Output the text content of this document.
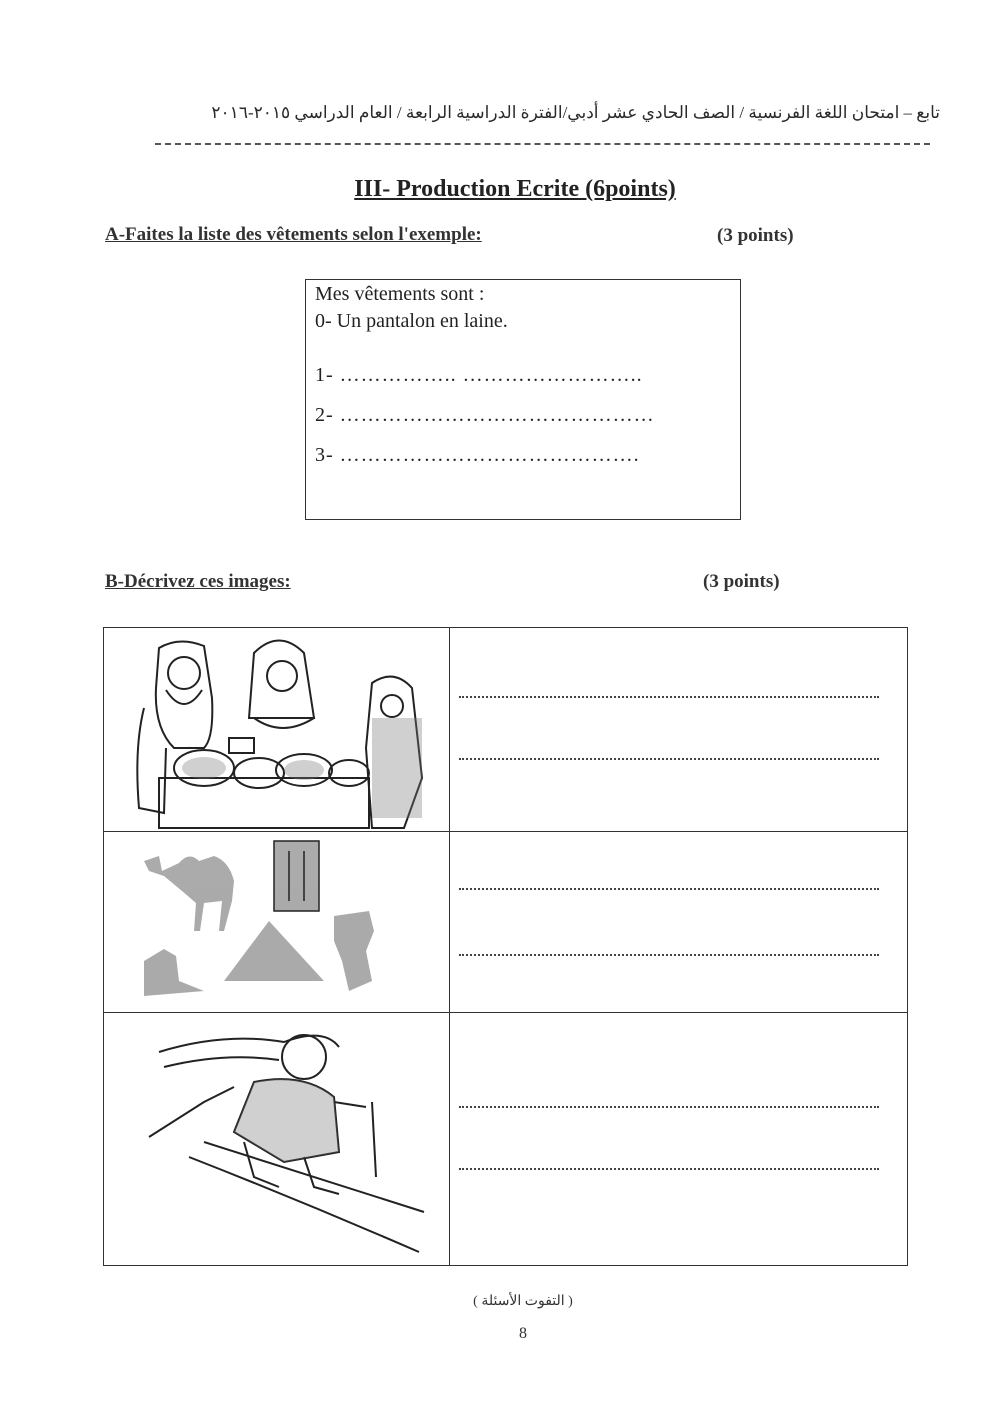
تابع – امتحان اللغة الفرنسية / الصف الحادي عشر أدبي/الفترة الدراسية الرابعة / العام الدراسي ٢٠١٥-٢٠١٦
III- Production Ecrite (6points)
A-Faites la liste des vêtements selon l'exemple:	(3 points)
Mes vêtements sont :
0- Un pantalon en laine.
1- …………….. ……………………..
2- ………………………………………
3- …………………………………….
B-Décrivez ces images:	(3 points)
( التفوت الأسئلة )
8
